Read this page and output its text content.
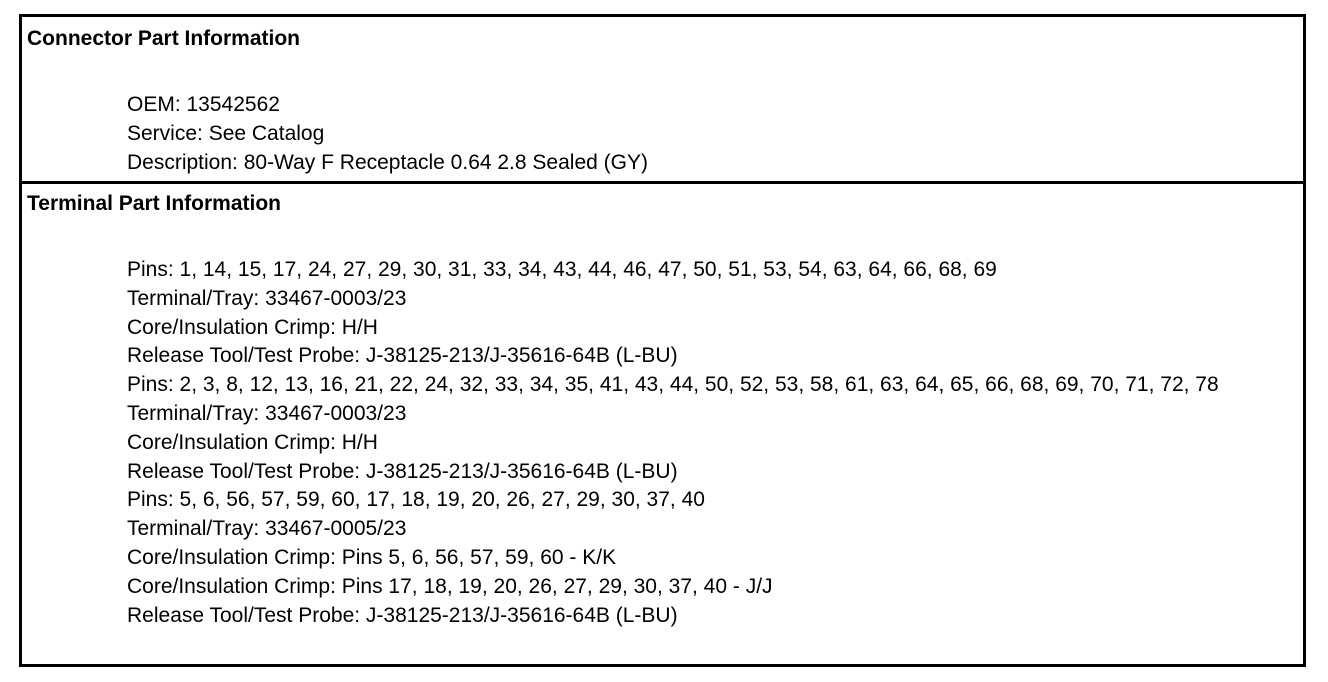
Connector Part Information
OEM: 13542562
Service: See Catalog
Description: 80-Way F Receptacle 0.64 2.8 Sealed (GY)
Terminal Part Information
Pins: 1, 14, 15, 17, 24, 27, 29, 30, 31, 33, 34, 43, 44, 46, 47, 50, 51, 53, 54, 63, 64, 66, 68, 69
Terminal/Tray: 33467-0003/23
Core/Insulation Crimp: H/H
Release Tool/Test Probe: J-38125-213/J-35616-64B (L-BU)
Pins: 2, 3, 8, 12, 13, 16, 21, 22, 24, 32, 33, 34, 35, 41, 43, 44, 50, 52, 53, 58, 61, 63, 64, 65, 66, 68, 69, 70, 71, 72, 78
Terminal/Tray: 33467-0003/23
Core/Insulation Crimp: H/H
Release Tool/Test Probe: J-38125-213/J-35616-64B (L-BU)
Pins: 5, 6, 56, 57, 59, 60, 17, 18, 19, 20, 26, 27, 29, 30, 37, 40
Terminal/Tray: 33467-0005/23
Core/Insulation Crimp: Pins 5, 6, 56, 57, 59, 60 - K/K
Core/Insulation Crimp: Pins 17, 18, 19, 20, 26, 27, 29, 30, 37, 40 - J/J
Release Tool/Test Probe: J-38125-213/J-35616-64B (L-BU)
